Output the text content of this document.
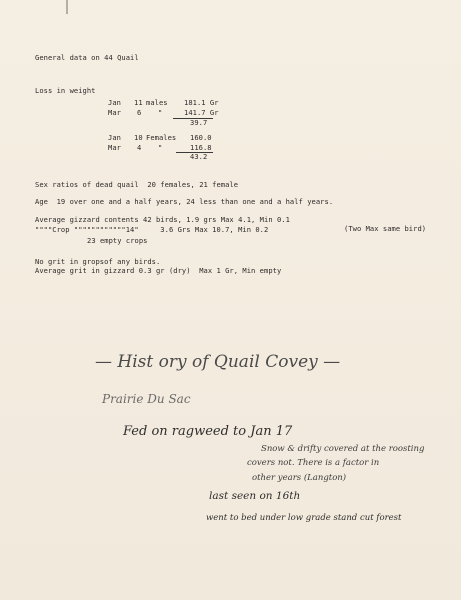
General data on 44 Quail
Loss in weight
Jan 11 males 181.1 Gr
Mar 6 "	141.7 Gr
39.7
Jan 10 Females 160.0
Mar 4 "	116.8
43.2
Sex ratios of dead quail  20 females, 21 female
Age  19 over one and a half years, 24 less than one and a half years.
Average gizzard contents 42 birds, 1.9 grs Max 4.1, Min 0.1
""""Crop """"""""""""14"     3.6 Grs Max 10.7, Min 0.2	(Two Max same bird)
23 empty crops
No grit in gropsof any birds.
Average grit in gizzard 0.3 gr (dry)  Max 1 Gr, Min empty
— Hist ory of Quail Covey —
Prairie Du Sac
Fed on ragweed to Jan 17
Snow & drifty covered at the roosting
covers not. There is a factor in
other years (Langton)
last seen on 16th
went to bed under low grade stand cut forest
